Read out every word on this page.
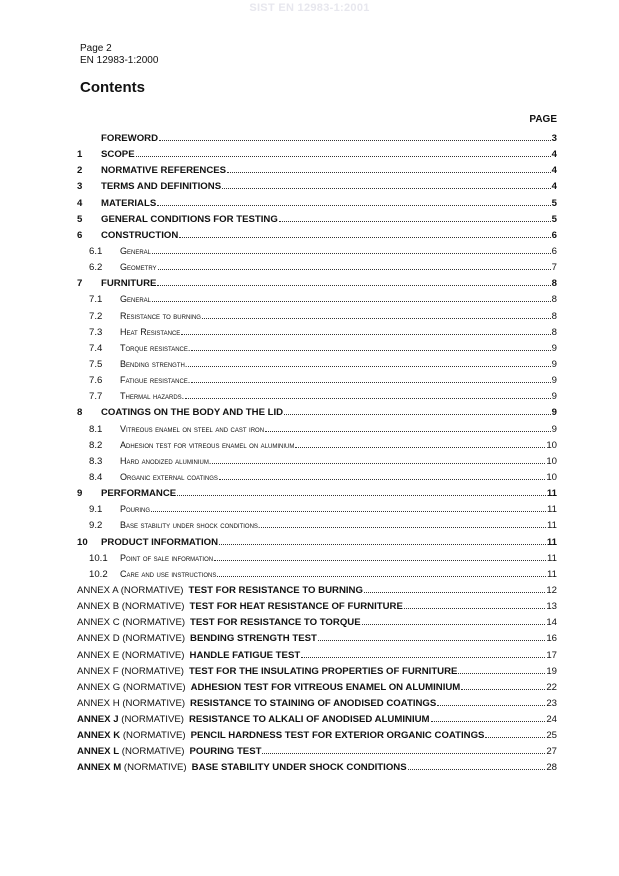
SIST EN 12983-1:2001
Page 2
EN 12983-1:2000
Contents
PAGE
FOREWORD	3
1	SCOPE	4
2	NORMATIVE REFERENCES	4
3	TERMS AND DEFINITIONS	4
4	MATERIALS	5
5	GENERAL CONDITIONS FOR TESTING	5
6	CONSTRUCTION	6
6.1	General	6
6.2	Geometry	7
7	FURNITURE	8
7.1	General	8
7.2	Resistance to burning	8
7.3	Heat Resistance	8
7.4	Torque resistance.	9
7.5	Bending strength.	9
7.6	Fatigue resistance.	9
7.7	Thermal hazards.	9
8	COATINGS ON THE BODY AND THE LID	9
8.1	Vitreous enamel on steel and cast iron	9
8.2	Adhesion test for vitreous enamel on aluminium	10
8.3	Hard anodized aluminium.	10
8.4	Organic external coatings	10
9	PERFORMANCE	11
9.1	Pouring	11
9.2	Base stability under shock conditions.	11
10	PRODUCT INFORMATION	11
10.1	Point of sale information	11
10.2	Care and use instructions	11
ANNEX A (NORMATIVE) TEST FOR RESISTANCE TO BURNING	12
ANNEX B (NORMATIVE) TEST FOR HEAT RESISTANCE OF FURNITURE	13
ANNEX C (NORMATIVE) TEST FOR RESISTANCE TO TORQUE	14
ANNEX D (NORMATIVE) BENDING STRENGTH TEST	16
ANNEX E (NORMATIVE) HANDLE FATIGUE TEST	17
ANNEX F (NORMATIVE) TEST FOR THE INSULATING PROPERTIES OF FURNITURE	19
ANNEX G (NORMATIVE) ADHESION TEST FOR VITREOUS ENAMEL ON ALUMINIUM	22
ANNEX H (NORMATIVE) RESISTANCE TO STAINING OF ANODISED COATINGS	23
ANNEX J (NORMATIVE) RESISTANCE TO ALKALI OF ANODISED ALUMINIUM	24
ANNEX K (NORMATIVE) PENCIL HARDNESS TEST FOR EXTERIOR ORGANIC COATINGS	25
ANNEX L (NORMATIVE) POURING TEST	27
ANNEX M (NORMATIVE) BASE STABILITY UNDER SHOCK CONDITIONS	28
